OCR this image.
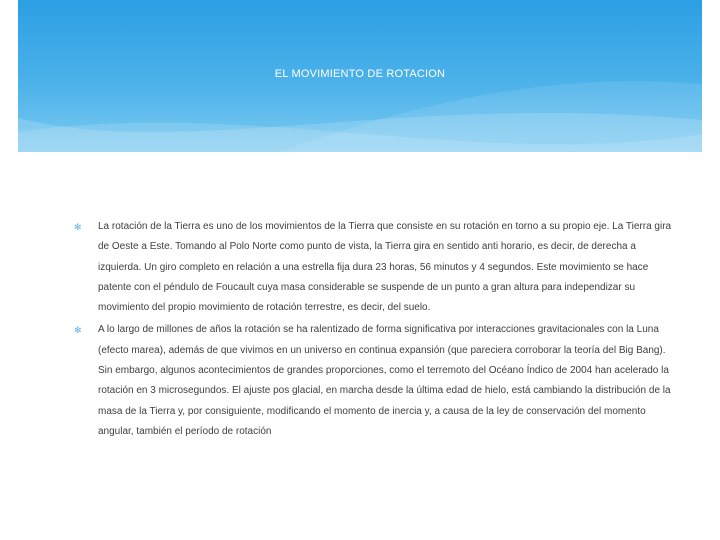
EL MOVIMIENTO DE ROTACION
✻ La rotación de la Tierra es uno de los movimientos de la Tierra que consiste en su rotación en torno a su propio eje. La Tierra gira de Oeste a Este. Tomando al Polo Norte como punto de vista, la Tierra gira en sentido anti horario, es decir, de derecha a izquierda. Un giro completo en relación a una estrella fija dura 23 horas, 56 minutos y 4 segundos. Este movimiento se hace patente con el péndulo de Foucault cuya masa considerable se suspende de un punto a gran altura para independizar su movimiento del propio movimiento de rotación terrestre, es decir, del suelo.
✻ A lo largo de millones de años la rotación se ha ralentizado de forma significativa por interacciones gravitacionales con la Luna (efecto marea), además de que vivimos en un universo en continua expansión (que pareciera corroborar la teoría del Big Bang). Sin embargo, algunos acontecimientos de grandes proporciones, como el terremoto del Océano Índico de 2004 han acelerado la rotación en 3 microsegundos. El ajuste pos glacial, en marcha desde la última edad de hielo, está cambiando la distribución de la masa de la Tierra y, por consiguiente, modificando el momento de inercia y, a causa de la ley de conservación del momento angular, también el período de rotación
